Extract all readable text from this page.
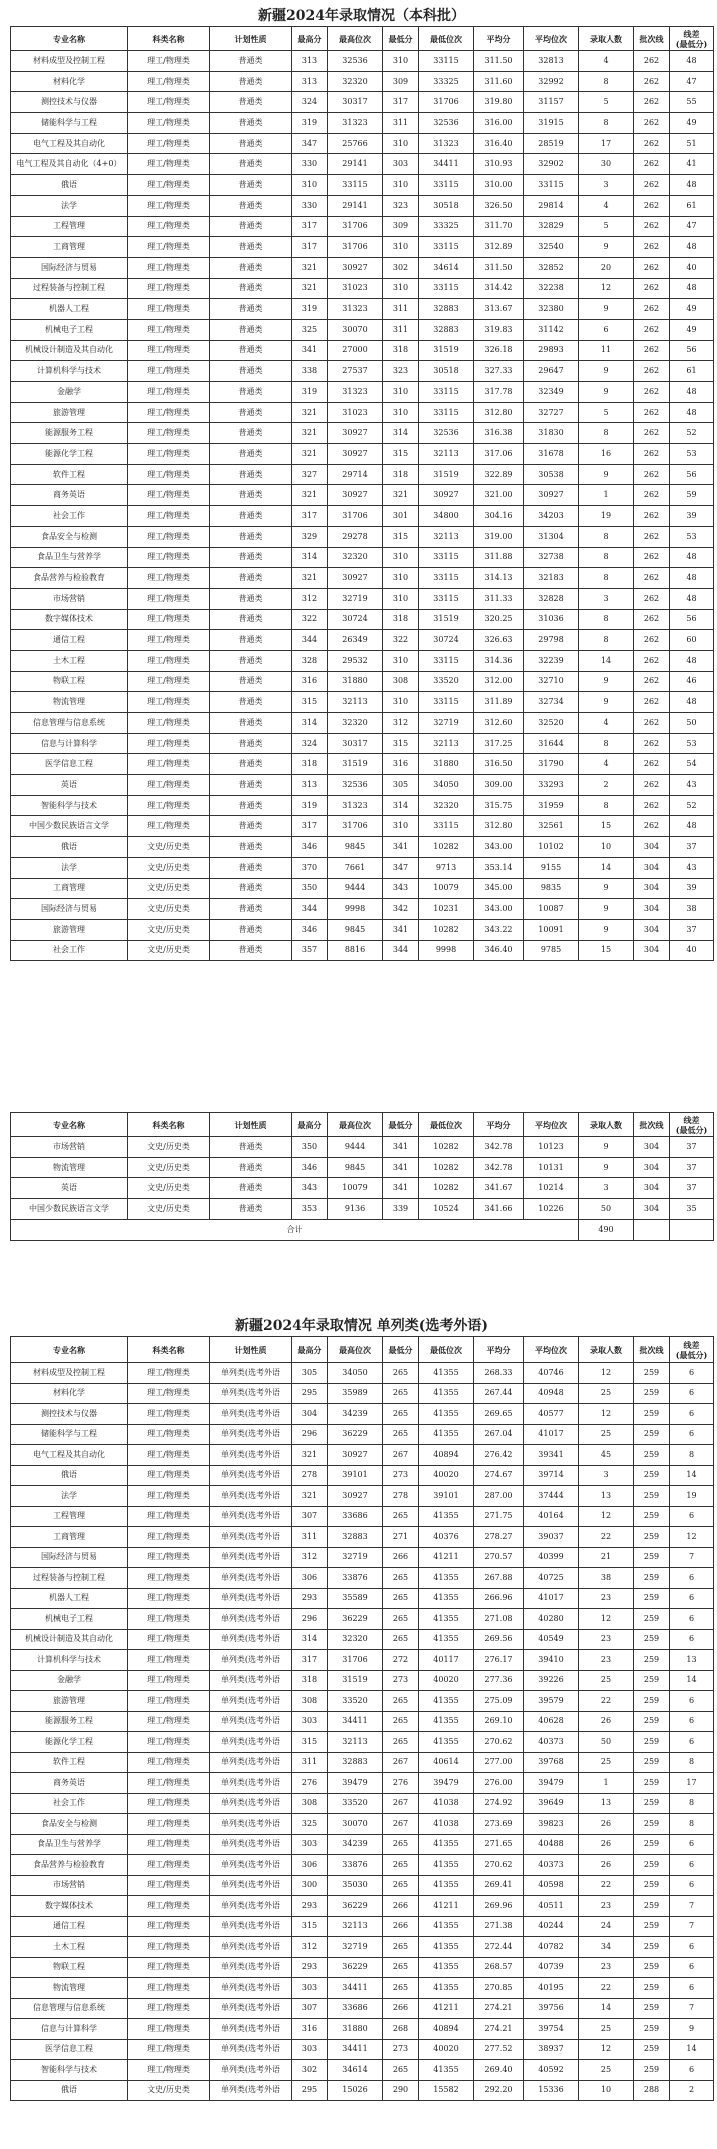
新疆2024年录取情况（本科批）
专业名称	科类名称	计划性质	最高分	最高位次	最低分	最低位次	平均分	平均位次	录取人数	批次线	线差
(最低分)
材料成型及控制工程	理工/物理类	普通类	313	32536	310	33115	311.50	32813	4	262	48
材料化学	理工/物理类	普通类	313	32320	309	33325	311.60	32992	8	262	47
测控技术与仪器	理工/物理类	普通类	324	30317	317	31706	319.80	31157	5	262	55
储能科学与工程	理工/物理类	普通类	319	31323	311	32536	316.00	31915	8	262	49
电气工程及其自动化	理工/物理类	普通类	347	25766	310	31323	316.40	28519	17	262	51
电气工程及其自动化（4+0）	理工/物理类	普通类	330	29141	303	34411	310.93	32902	30	262	41
俄语	理工/物理类	普通类	310	33115	310	33115	310.00	33115	3	262	48
法学	理工/物理类	普通类	330	29141	323	30518	326.50	29814	4	262	61
工程管理	理工/物理类	普通类	317	31706	309	33325	311.70	32829	5	262	47
工商管理	理工/物理类	普通类	317	31706	310	33115	312.89	32540	9	262	48
国际经济与贸易	理工/物理类	普通类	321	30927	302	34614	311.50	32852	20	262	40
过程装备与控制工程	理工/物理类	普通类	321	31023	310	33115	314.42	32238	12	262	48
机器人工程	理工/物理类	普通类	319	31323	311	32883	313.67	32380	9	262	49
机械电子工程	理工/物理类	普通类	325	30070	311	32883	319.83	31142	6	262	49
机械设计制造及其自动化	理工/物理类	普通类	341	27000	318	31519	326.18	29893	11	262	56
计算机科学与技术	理工/物理类	普通类	338	27537	323	30518	327.33	29647	9	262	61
金融学	理工/物理类	普通类	319	31323	310	33115	317.78	32349	9	262	48
旅游管理	理工/物理类	普通类	321	31023	310	33115	312.80	32727	5	262	48
能源服务工程	理工/物理类	普通类	321	30927	314	32536	316.38	31830	8	262	52
能源化学工程	理工/物理类	普通类	321	30927	315	32113	317.06	31678	16	262	53
软件工程	理工/物理类	普通类	327	29714	318	31519	322.89	30538	9	262	56
商务英语	理工/物理类	普通类	321	30927	321	30927	321.00	30927	1	262	59
社会工作	理工/物理类	普通类	317	31706	301	34800	304.16	34203	19	262	39
食品安全与检测	理工/物理类	普通类	329	29278	315	32113	319.00	31304	8	262	53
食品卫生与营养学	理工/物理类	普通类	314	32320	310	33115	311.88	32738	8	262	48
食品营养与检验教育	理工/物理类	普通类	321	30927	310	33115	314.13	32183	8	262	48
市场营销	理工/物理类	普通类	312	32719	310	33115	311.33	32828	3	262	48
数字媒体技术	理工/物理类	普通类	322	30724	318	31519	320.25	31036	8	262	56
通信工程	理工/物理类	普通类	344	26349	322	30724	326.63	29798	8	262	60
土木工程	理工/物理类	普通类	328	29532	310	33115	314.36	32239	14	262	48
物联工程	理工/物理类	普通类	316	31880	308	33520	312.00	32710	9	262	46
物流管理	理工/物理类	普通类	315	32113	310	33115	311.89	32734	9	262	48
信息管理与信息系统	理工/物理类	普通类	314	32320	312	32719	312.60	32520	4	262	50
信息与计算科学	理工/物理类	普通类	324	30317	315	32113	317.25	31644	8	262	53
医学信息工程	理工/物理类	普通类	318	31519	316	31880	316.50	31790	4	262	54
英语	理工/物理类	普通类	313	32536	305	34050	309.00	33293	2	262	43
智能科学与技术	理工/物理类	普通类	319	31323	314	32320	315.75	31959	8	262	52
中国少数民族语言文学	理工/物理类	普通类	317	31706	310	33115	312.80	32561	15	262	48
俄语	文史/历史类	普通类	346	9845	341	10282	343.00	10102	10	304	37
法学	文史/历史类	普通类	370	7661	347	9713	353.14	9155	14	304	43
工商管理	文史/历史类	普通类	350	9444	343	10079	345.00	9835	9	304	39
国际经济与贸易	文史/历史类	普通类	344	9998	342	10231	343.00	10087	9	304	38
旅游管理	文史/历史类	普通类	346	9845	341	10282	343.22	10091	9	304	37
社会工作	文史/历史类	普通类	357	8816	344	9998	346.40	9785	15	304	40
专业名称	科类名称	计划性质	最高分	最高位次	最低分	最低位次	平均分	平均位次	录取人数	批次线	线差
(最低分)
市场营销	文史/历史类	普通类	350	9444	341	10282	342.78	10123	9	304	37
物流管理	文史/历史类	普通类	346	9845	341	10282	342.78	10131	9	304	37
英语	文史/历史类	普通类	343	10079	341	10282	341.67	10214	3	304	37
中国少数民族语言文学	文史/历史类	普通类	353	9136	339	10524	341.66	10226	50	304	35
合计									490		
新疆2024年录取情况 单列类(选考外语)
专业名称	科类名称	计划性质	最高分	最高位次	最低分	最低位次	平均分	平均位次	录取人数	批次线	线差
(最低分)
材料成型及控制工程	理工/物理类	单列类(选考外语	305	34050	265	41355	268.33	40746	12	259	6
材料化学	理工/物理类	单列类(选考外语	295	35989	265	41355	267.44	40948	25	259	6
测控技术与仪器	理工/物理类	单列类(选考外语	304	34239	265	41355	269.65	40577	12	259	6
储能科学与工程	理工/物理类	单列类(选考外语	296	36229	265	41355	267.04	41017	25	259	6
电气工程及其自动化	理工/物理类	单列类(选考外语	321	30927	267	40894	276.42	39341	45	259	8
俄语	理工/物理类	单列类(选考外语	278	39101	273	40020	274.67	39714	3	259	14
法学	理工/物理类	单列类(选考外语	321	30927	278	39101	287.00	37444	13	259	19
工程管理	理工/物理类	单列类(选考外语	307	33686	265	41355	271.75	40164	12	259	6
工商管理	理工/物理类	单列类(选考外语	311	32883	271	40376	278.27	39037	22	259	12
国际经济与贸易	理工/物理类	单列类(选考外语	312	32719	266	41211	270.57	40399	21	259	7
过程装备与控制工程	理工/物理类	单列类(选考外语	306	33876	265	41355	267.88	40725	38	259	6
机器人工程	理工/物理类	单列类(选考外语	293	35589	265	41355	266.96	41017	23	259	6
机械电子工程	理工/物理类	单列类(选考外语	296	36229	265	41355	271.08	40280	12	259	6
机械设计制造及其自动化	理工/物理类	单列类(选考外语	314	32320	265	41355	269.56	40549	23	259	6
计算机科学与技术	理工/物理类	单列类(选考外语	317	31706	272	40117	276.17	39410	23	259	13
金融学	理工/物理类	单列类(选考外语	318	31519	273	40020	277.36	39226	25	259	14
旅游管理	理工/物理类	单列类(选考外语	308	33520	265	41355	275.09	39579	22	259	6
能源服务工程	理工/物理类	单列类(选考外语	303	34411	265	41355	269.10	40628	26	259	6
能源化学工程	理工/物理类	单列类(选考外语	315	32113	265	41355	270.62	40373	50	259	6
软件工程	理工/物理类	单列类(选考外语	311	32883	267	40614	277.00	39768	25	259	8
商务英语	理工/物理类	单列类(选考外语	276	39479	276	39479	276.00	39479	1	259	17
社会工作	理工/物理类	单列类(选考外语	308	33520	267	41038	274.92	39649	13	259	8
食品安全与检测	理工/物理类	单列类(选考外语	325	30070	267	41038	273.69	39823	26	259	8
食品卫生与营养学	理工/物理类	单列类(选考外语	303	34239	265	41355	271.65	40488	26	259	6
食品营养与检验教育	理工/物理类	单列类(选考外语	306	33876	265	41355	270.62	40373	26	259	6
市场营销	理工/物理类	单列类(选考外语	300	35030	265	41355	269.41	40598	22	259	6
数字媒体技术	理工/物理类	单列类(选考外语	293	36229	266	41211	269.96	40511	23	259	7
通信工程	理工/物理类	单列类(选考外语	315	32113	266	41355	271.38	40244	24	259	7
土木工程	理工/物理类	单列类(选考外语	312	32719	265	41355	272.44	40782	34	259	6
物联工程	理工/物理类	单列类(选考外语	293	36229	265	41355	268.57	40739	23	259	6
物流管理	理工/物理类	单列类(选考外语	303	34411	265	41355	270.85	40195	22	259	6
信息管理与信息系统	理工/物理类	单列类(选考外语	307	33686	266	41211	274.21	39756	14	259	7
信息与计算科学	理工/物理类	单列类(选考外语	316	31880	268	40894	274.21	39754	25	259	9
医学信息工程	理工/物理类	单列类(选考外语	303	34411	273	40020	277.52	38937	12	259	14
智能科学与技术	理工/物理类	单列类(选考外语	302	34614	265	41355	269.40	40592	25	259	6
俄语	文史/历史类	单列类(选考外语	295	15026	290	15582	292.20	15336	10	288	2
